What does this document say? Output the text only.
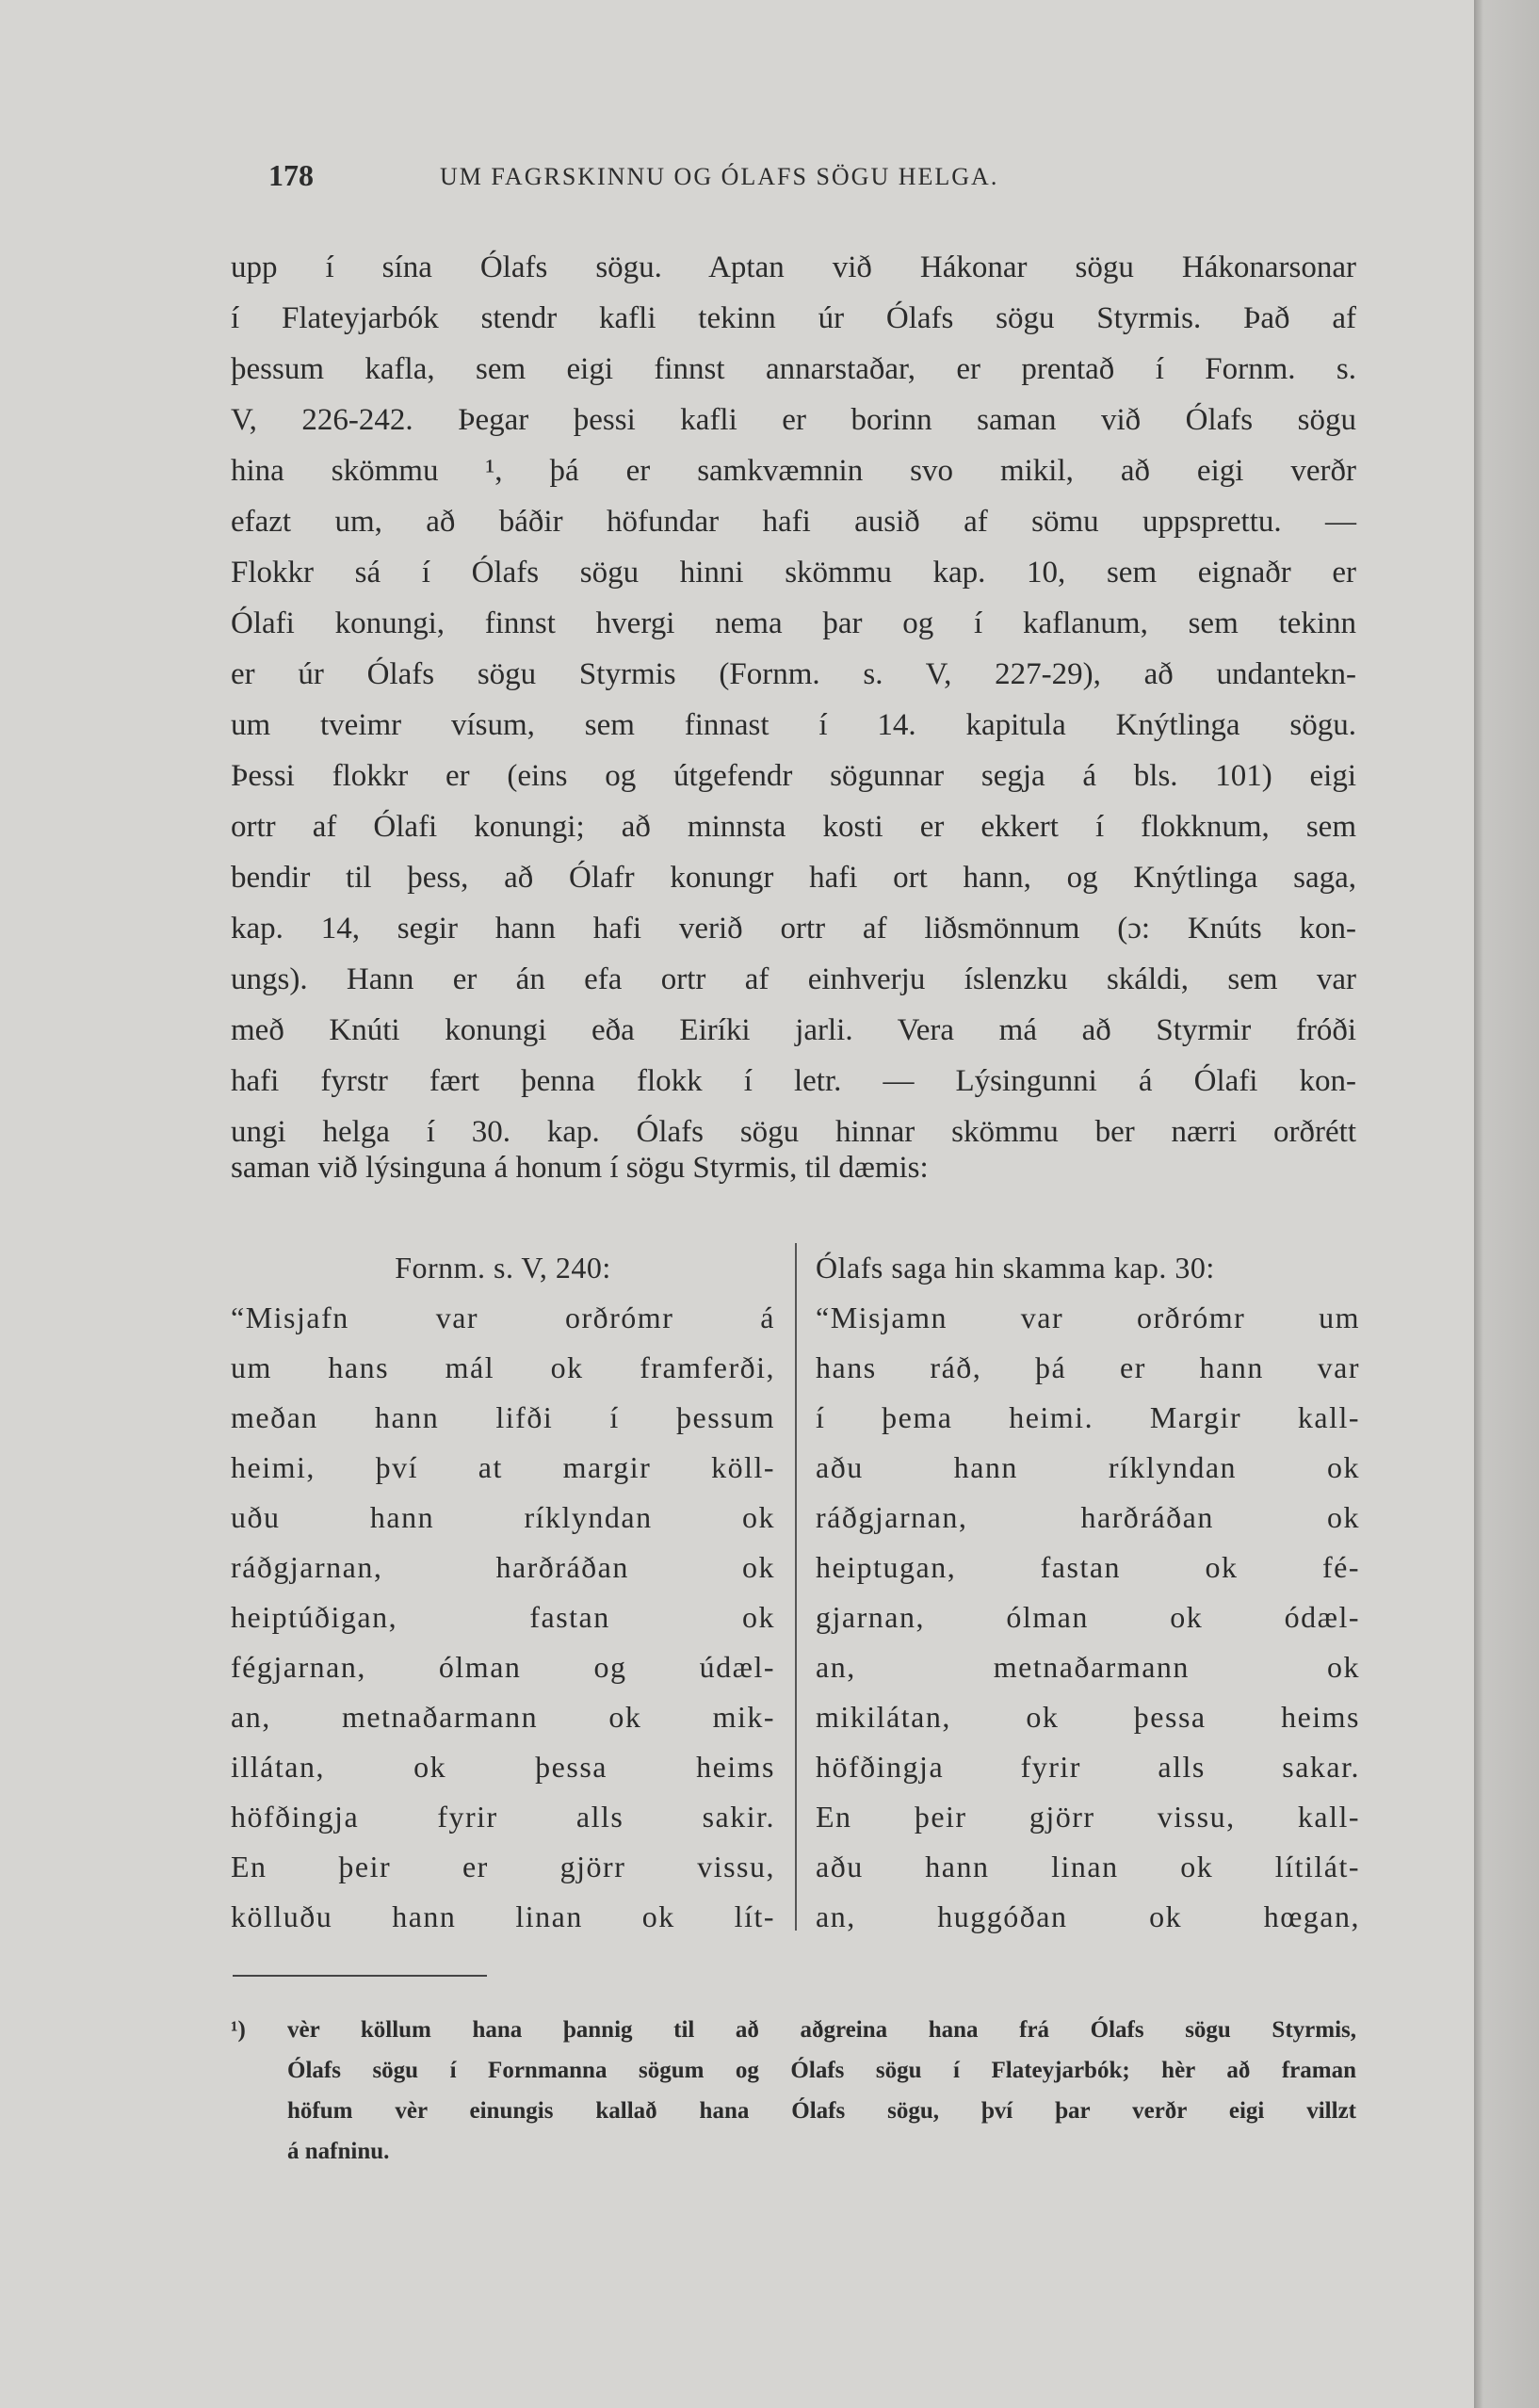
178	UM FAGRSKINNU OG ÓLAFS SÖGU HELGA.
upp í sína Ólafs sögu. Aptan við Hákonar sögu Hákonarsonar
í Flateyjarbók stendr kafli tekinn úr Ólafs sögu Styrmis. Það af
þessum kafla, sem eigi finnst annarstaðar, er prentað í Fornm. s.
V, 226-242. Þegar þessi kafli er borinn saman við Ólafs sögu
hina skömmu ¹, þá er samkvæmnin svo mikil, að eigi verðr
efazt um, að báðir höfundar hafi ausið af sömu uppsprettu. —
Flokkr sá í Ólafs sögu hinni skömmu kap. 10, sem eignaðr er
Ólafi konungi, finnst hvergi nema þar og í kaflanum, sem tekinn
er úr Ólafs sögu Styrmis (Fornm. s. V, 227-29), að undantekn-
um tveimr vísum, sem finnast í 14. kapitula Knýtlinga sögu.
Þessi flokkr er (eins og útgefendr sögunnar segja á bls. 101) eigi
ortr af Ólafi konungi; að minnsta kosti er ekkert í flokknum, sem
bendir til þess, að Ólafr konungr hafi ort hann, og Knýtlinga saga,
kap. 14, segir hann hafi verið ortr af liðsmönnum (ɔ: Knúts kon-
ungs). Hann er án efa ortr af einhverju íslenzku skáldi, sem var
með Knúti konungi eða Eiríki jarli. Vera má að Styrmir fróði
hafi fyrstr fært þenna flokk í letr. — Lýsingunni á Ólafi kon-
ungi helga í 30. kap. Ólafs sögu hinnar skömmu ber nærri orðrétt
saman við lýsinguna á honum í sögu Styrmis, til dæmis:
Fornm. s. V, 240:
“Misjafn var orðrómr á
um hans mál ok framferði,
meðan hann lifði í þessum
heimi, því at margir köll-
uðu hann ríklyndan ok
ráðgjarnan, harðráðan ok
heiptúðigan, fastan ok
fégjarnan, ólman og údæl-
an, metnaðarmann ok mik-
illátan, ok þessa heims
höfðingja fyrir alls sakir.
En þeir er gjörr vissu,
kölluðu hann linan ok lít-
Ólafs saga hin skamma kap. 30:
“Misjamn var orðrómr um
hans ráð, þá er hann var
í þema heimi. Margir kall-
aðu hann ríklyndan ok
ráðgjarnan, harðráðan ok
heiptugan, fastan ok fé-
gjarnan, ólman ok ódæl-
an, metnaðarmann ok
mikilátan, ok þessa heims
höfðingja fyrir alls sakar.
En þeir gjörr vissu, kall-
aðu hann linan ok lítilát-
an, huggóðan ok hœgan,
¹) vèr köllum hana þannig til að aðgreina hana frá Ólafs sögu Styrmis,
Ólafs sögu í Fornmanna sögum og Ólafs sögu í Flateyjarbók; hèr að framan
höfum vèr einungis kallað hana Ólafs sögu, því þar verðr eigi villzt
á nafninu.
